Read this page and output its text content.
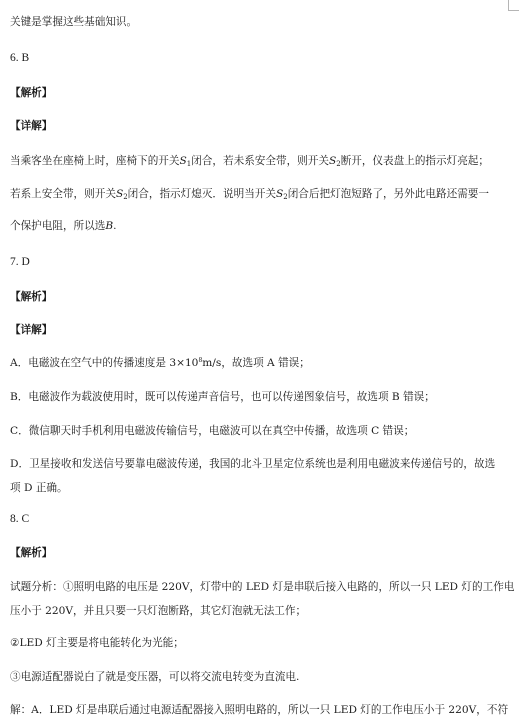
关键是掌握这些基础知识。
6. B
【解析】
【详解】
当乘客坐在座椅上时，座椅下的开关$S_1$闭合，若未系安全带，则开关$S_2$断开，仪表盘上的指示灯亮起；
若系上安全带，则开关$S_2$闭合，指示灯熄灭．说明当开关$S_2$闭合后把灯泡短路了，另外此电路还需要一
个保护电阻，所以选B.
7. D
【解析】
【详解】
A．电磁波在空气中的传播速度是 $3\times 10^8m/s$，故选项 A 错误；
B．电磁波作为载波使用时，既可以传递声音信号，也可以传递图象信号，故选项 B 错误；
C．微信聊天时手机利用电磁波传输信号，电磁波可以在真空中传播，故选项 C 错误；
D．卫星接收和发送信号要靠电磁波传递，我国的北斗卫星定位系统也是利用电磁波来传递信号的，故选
项 D 正确。
8. C
【解析】
试题分析：①照明电路的电压是 220V，灯带中的 LED 灯是串联后接入电路的，所以一只 LED 灯的工作电
压小于 220V，并且只要一只灯泡断路，其它灯泡就无法工作；
②LED 灯主要是将电能转化为光能；
③电源适配器说白了就是变压器，可以将交流电转变为直流电.
解：A．LED 灯是串联后通过电源适配器接入照明电路的，所以一只 LED 灯的工作电压小于 220V，不符
